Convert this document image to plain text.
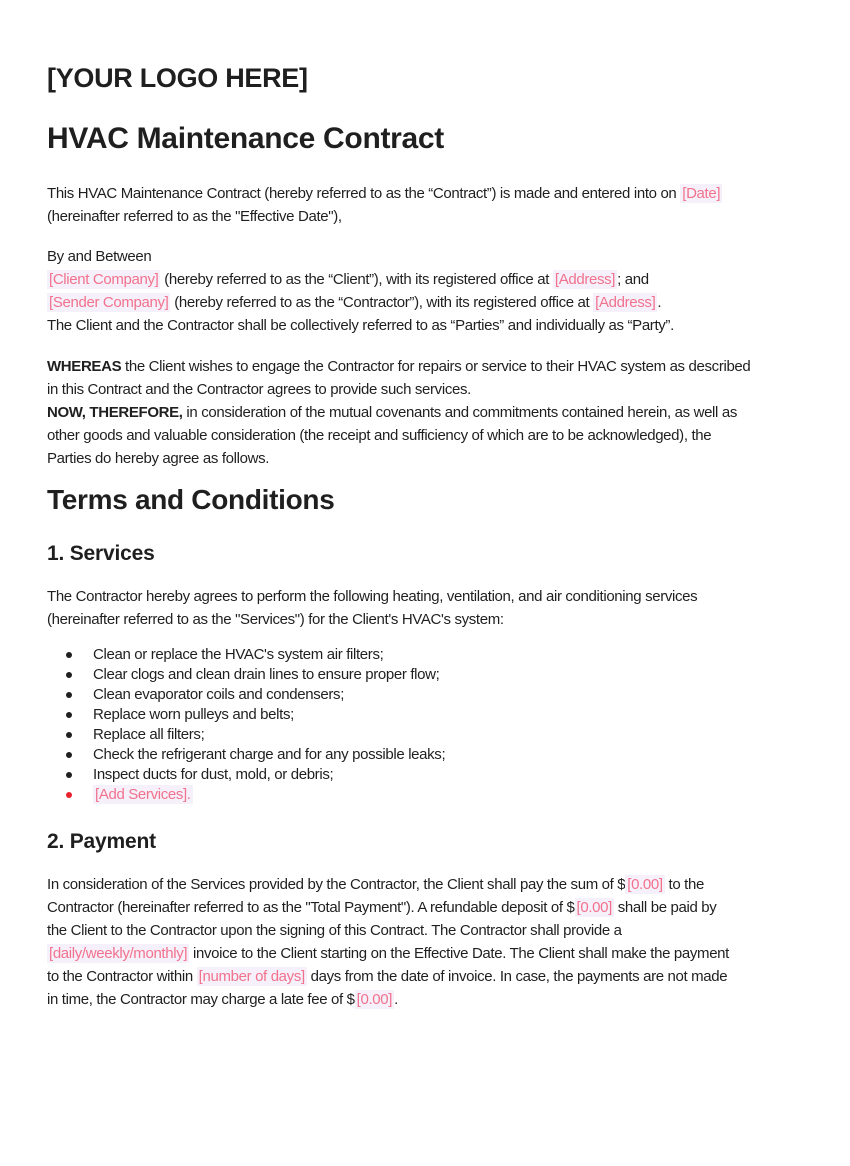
[YOUR LOGO HERE]
HVAC Maintenance Contract

This HVAC Maintenance Contract (hereby referred to as the “Contract”) is made and entered into on [Date]
(hereinafter referred to as the "Effective Date"),

By and Between
[Client Company] (hereby referred to as the “Client”), with its registered office at [Address] ; and
[Sender Company] (hereby referred to as the “Contractor”), with its registered office at [Address] .
The Client and the Contractor shall be collectively referred to as “Parties” and individually as “Party”.

WHEREAS the Client wishes to engage the Contractor for repairs or service to their HVAC system as described
in this Contract and the Contractor agrees to provide such services.
NOW, THEREFORE, in consideration of the mutual covenants and commitments contained herein, as well as
other goods and valuable consideration (the receipt and sufficiency of which are to be acknowledged), the
Parties do hereby agree as follows.

Terms and Conditions
1. Services

The Contractor hereby agrees to perform the following heating, ventilation, and air conditioning services
(hereinafter referred to as the "Services") for the Client's HVAC's system:

Clean or replace the HVAC's system air filters;
Clear clogs and clean drain lines to ensure proper flow;
Clean evaporator coils and condensers;
Replace worn pulleys and belts;
Replace all filters;
Check the refrigerant charge and for any possible leaks;
Inspect ducts for dust, mold, or debris;
[Add Services].
2. Payment

In consideration of the Services provided by the Contractor, the Client shall pay the sum of $ [0.00] to the
Contractor (hereinafter referred to as the "Total Payment"). A refundable deposit of $ [0.00] shall be paid by
the Client to the Contractor upon the signing of this Contract. The Contractor shall provide a
[daily/weekly/monthly] invoice to the Client starting on the Effective Date. The Client shall make the payment
to the Contractor within [number of days] days from the date of invoice. In case, the payments are not made
in time, the Contractor may charge a late fee of $ [0.00] .
